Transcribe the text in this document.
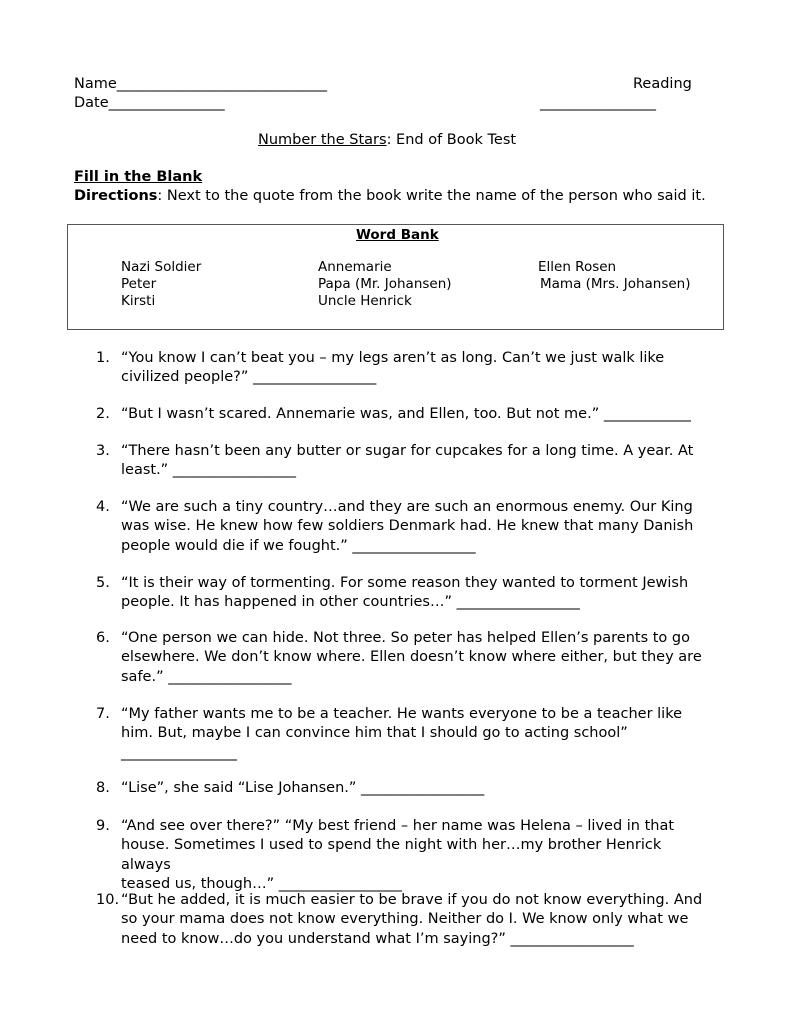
Name_____________________________	Reading
Date________________	________________
Number the Stars: End of Book Test
Fill in the Blank
Directions: Next to the quote from the book write the name of the person who said it.
Word Bank
Nazi Soldier
Peter
Kirsti
Annemarie
Papa (Mr. Johansen)
Uncle Henrick
Ellen Rosen
Mama (Mrs. Johansen)
1. “You know I can’t beat you – my legs aren’t as long. Can’t we just walk like
civilized people?” _________________
2. “But I wasn’t scared. Annemarie was, and Ellen, too. But not me.” ____________
3. “There hasn’t been any butter or sugar for cupcakes for a long time. A year. At
least.” _________________
4. “We are such a tiny country…and they are such an enormous enemy. Our King
was wise. He knew how few soldiers Denmark had. He knew that many Danish
people would die if we fought.” _________________
5. “It is their way of tormenting. For some reason they wanted to torment Jewish
people. It has happened in other countries…” _________________
6. “One person we can hide. Not three. So peter has helped Ellen’s parents to go
elsewhere. We don’t know where. Ellen doesn’t know where either, but they are
safe.” _________________
7. “My father wants me to be a teacher. He wants everyone to be a teacher like
him. But, maybe I can convince him that I should go to acting school”
________________
8. “Lise”, she said “Lise Johansen.” _________________
9. “And see over there?” “My best friend – her name was Helena – lived in that
house. Sometimes I used to spend the night with her…my brother Henrick always
teased us, though…” _________________
10. “But he added, it is much easier to be brave if you do not know everything. And
so your mama does not know everything. Neither do I. We know only what we
need to know…do you understand what I’m saying?” _________________
